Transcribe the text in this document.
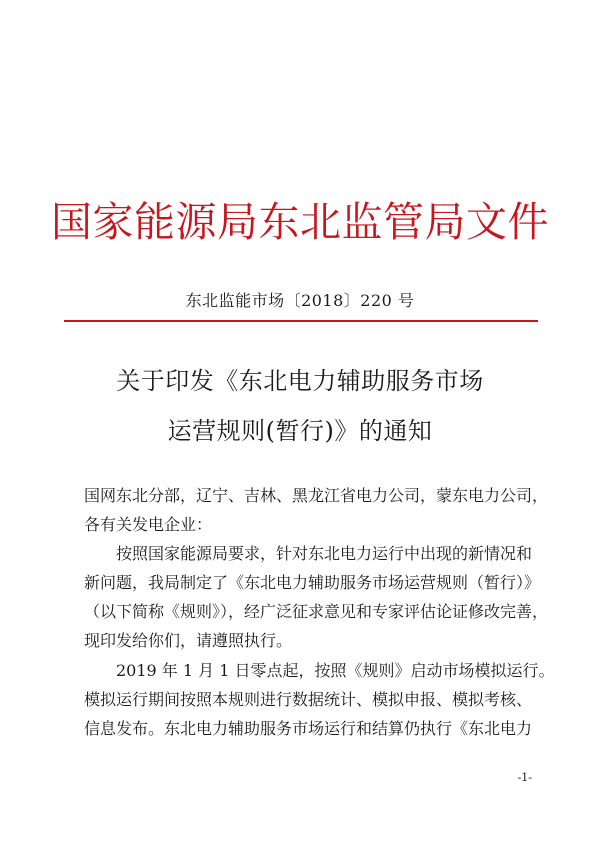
国家能源局东北监管局文件
东北监能市场〔2018〕220 号
关于印发《东北电力辅助服务市场
运营规则(暂行)》的通知
国网东北分部，辽宁、吉林、黑龙江省电力公司，蒙东电力公司，
各有关发电企业：
按照国家能源局要求，针对东北电力运行中出现的新情况和
新问题，我局制定了《东北电力辅助服务市场运营规则（暂行）》
（以下简称《规则》），经广泛征求意见和专家评估论证修改完善，
现印发给你们，请遵照执行。
2019 年 1 月 1 日零点起，按照《规则》启动市场模拟运行。
模拟运行期间按照本规则进行数据统计、模拟申报、模拟考核、
信息发布。东北电力辅助服务市场运行和结算仍执行《东北电力
-1-
